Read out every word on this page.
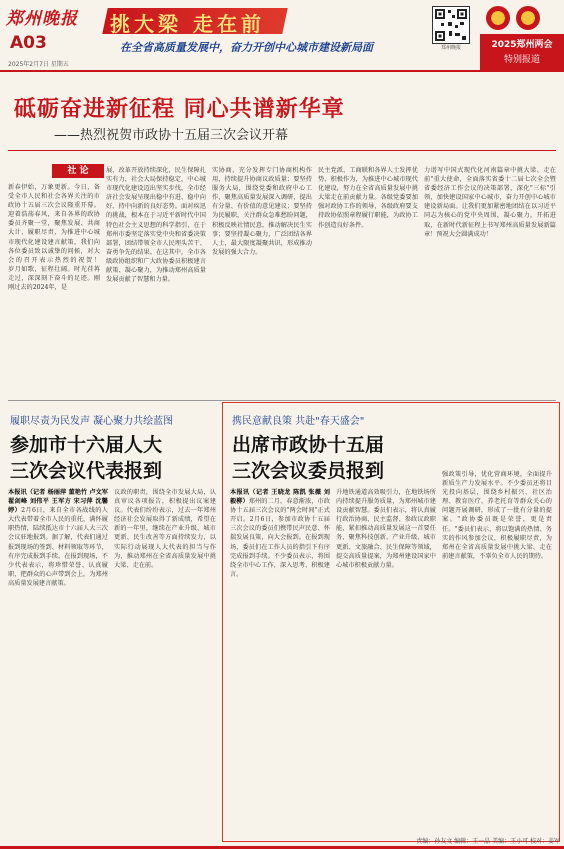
郑州晚报
A03
2025年2月7日 星期五
挑大梁 走在前
在全省高质量发展中，奋力开创中心城市建设新局面	郑州晚报	2025郑州两会
特别报道
砥砺奋进新征程 同心共谱新华章
——热烈祝贺市政协十五届三次会议开幕
社 论
新春伊始，万象更新。今日，备受全市人民和社会各界关注的市政协十五届三次会议隆重开幕。迎着浩荡春风，来自各界的政协委员齐聚一堂，聚焦发展、共商大计、履职尽责，为推进中心城市现代化建设建言献策，我们向各位委员致以诚挚的问候，对大会的召开表示热烈的祝贺！　　岁月如歌，征程壮阔。时光荏苒走过，深深刻下奋斗的足迹。刚刚过去的2024年，是
展，改革开放持续深化，民生保障扎实有力，社会大局保持稳定，中心城市现代化建设迈出坚实步伐，全市经济社会发展呈现出稳中有进、稳中向好、持中向新的良好态势。面对疾迅的挑战，根本在于习近平新时代中国特色社会主义思想的科学指引，在于郑州市委坚定落实党中央和省委决策部署，团结带领全市人民埋头苦干、奋勇争先的结果。在这其中，全市各级政协组织和广大政协委员积极建言献策、凝心聚力，为推动郑州高质量发展贡献了智慧和力量。
实协商，充分发挥专门协商机构作用，持续提升协商议政质量；要坚持服务大局，围绕党委和政府中心工作，聚焦高质量发展深入调研，提出有分量、有价值的意见建议；要坚持为民履职，关注群众急难愁盼问题，积极反映社情民意，推动解决民生实事；要坚持凝心聚力，广泛团结各界人士，最大限度凝聚共识，形成推动发展的强大合力。
民主党派、工商联和各界人士发挥优势、积极作为，为推进中心城市现代化建设，努力在全省高质量发展中挑大梁走在前贡献力量。各级党委要加强对政协工作的领导，各级政府要支持政协依照章程履行职能，为政协工作创造良好条件。
力谱写中国式现代化河南篇章中挑大梁、走在前"重大使命，全面落实省委十二届七次全会暨省委经济工作会议的决策部署，深化"三标"引领，加快建设国家中心城市，奋力开创中心城市建设新局面。让我们更加紧密地团结在以习近平同志为核心的党中央周围，凝心聚力，开拓进取，在新时代新征程上书写郑州高质量发展新篇章！预祝大会圆满成功！
履职尽责为民发声 凝心聚力共绘蓝图
参加市十六届人大
三次会议代表报到
本报讯（记者 杨丽萍 董艳竹 卢文军 翟剑峰 刘伟平 王军方 宋习萍 沈馨婷）2月6日，来自全市各战线的人大代表带着全市人民的重托，满怀履职热情，陆续抵达市十六届人大三次会议驻地报到。据了解，代表们通过报到现场的签到、材料领取等环节，有序完成报到手续。在报到现场，不少代表表示，将珍惜荣誉、认真履职，把群众的心声带到会上，为郑州高质量发展建言献策。
议政的职责，围绕全市发展大局，认真审议各项报告，积极提出议案建议。代表们纷纷表示，过去一年郑州经济社会发展取得了新成绩，希望在新的一年里，继续在产业升级、城市更新、民生改善等方面持续发力，以实际行动展现人大代表的担当与作为，推动郑州在全省高质量发展中挑大梁、走在前。
携民意献良策 共赴"春天盛会"
出席市政协十五届
三次会议委员报到
本报讯（记者 王晓龙 陈凯 张薇 刘毅柳）郑州的二月，春意渐浓，市政协十五届三次会议的"两会时间"正式开启。2月6日，参加市政协十五届三次会议的委员们携带民声民意、怀揣发展良策，向大会报到。在报到现场，委员们在工作人员的指引下有序完成报到手续。不少委员表示，将围绕全市中心工作，深入思考、积极建言。
升地铁通道高效吸引力，在地铁场所内持续提升服务质量，为郑州城市建设贡献智慧。委员们表示，将认真履行政治协商、民主监督、参政议政职能，紧扣推动高质量发展这一首要任务，聚焦科技创新、产业升级、城市更新、文旅融合、民生保障等领域，提交高质量提案，为郑州建设国家中心城市积极贡献力量。
强政策引导，优化营商环境，全面提升新质生产力发展水平。不少委员还将目光投向基层，围绕乡村振兴、社区治理、教育医疗、养老托育等群众关心的问题开展调研，形成了一批有分量的提案。"政协委员既是荣誉，更是责任。"委员们表示，将以饱满的热情、务实的作风参加会议，积极履职尽责，为郑州在全省高质量发展中挑大梁、走在前建言献策，不辜负全市人民的期待。
责编：孙友文 编辑：王一晶 美编：王小可 校对：姜军
